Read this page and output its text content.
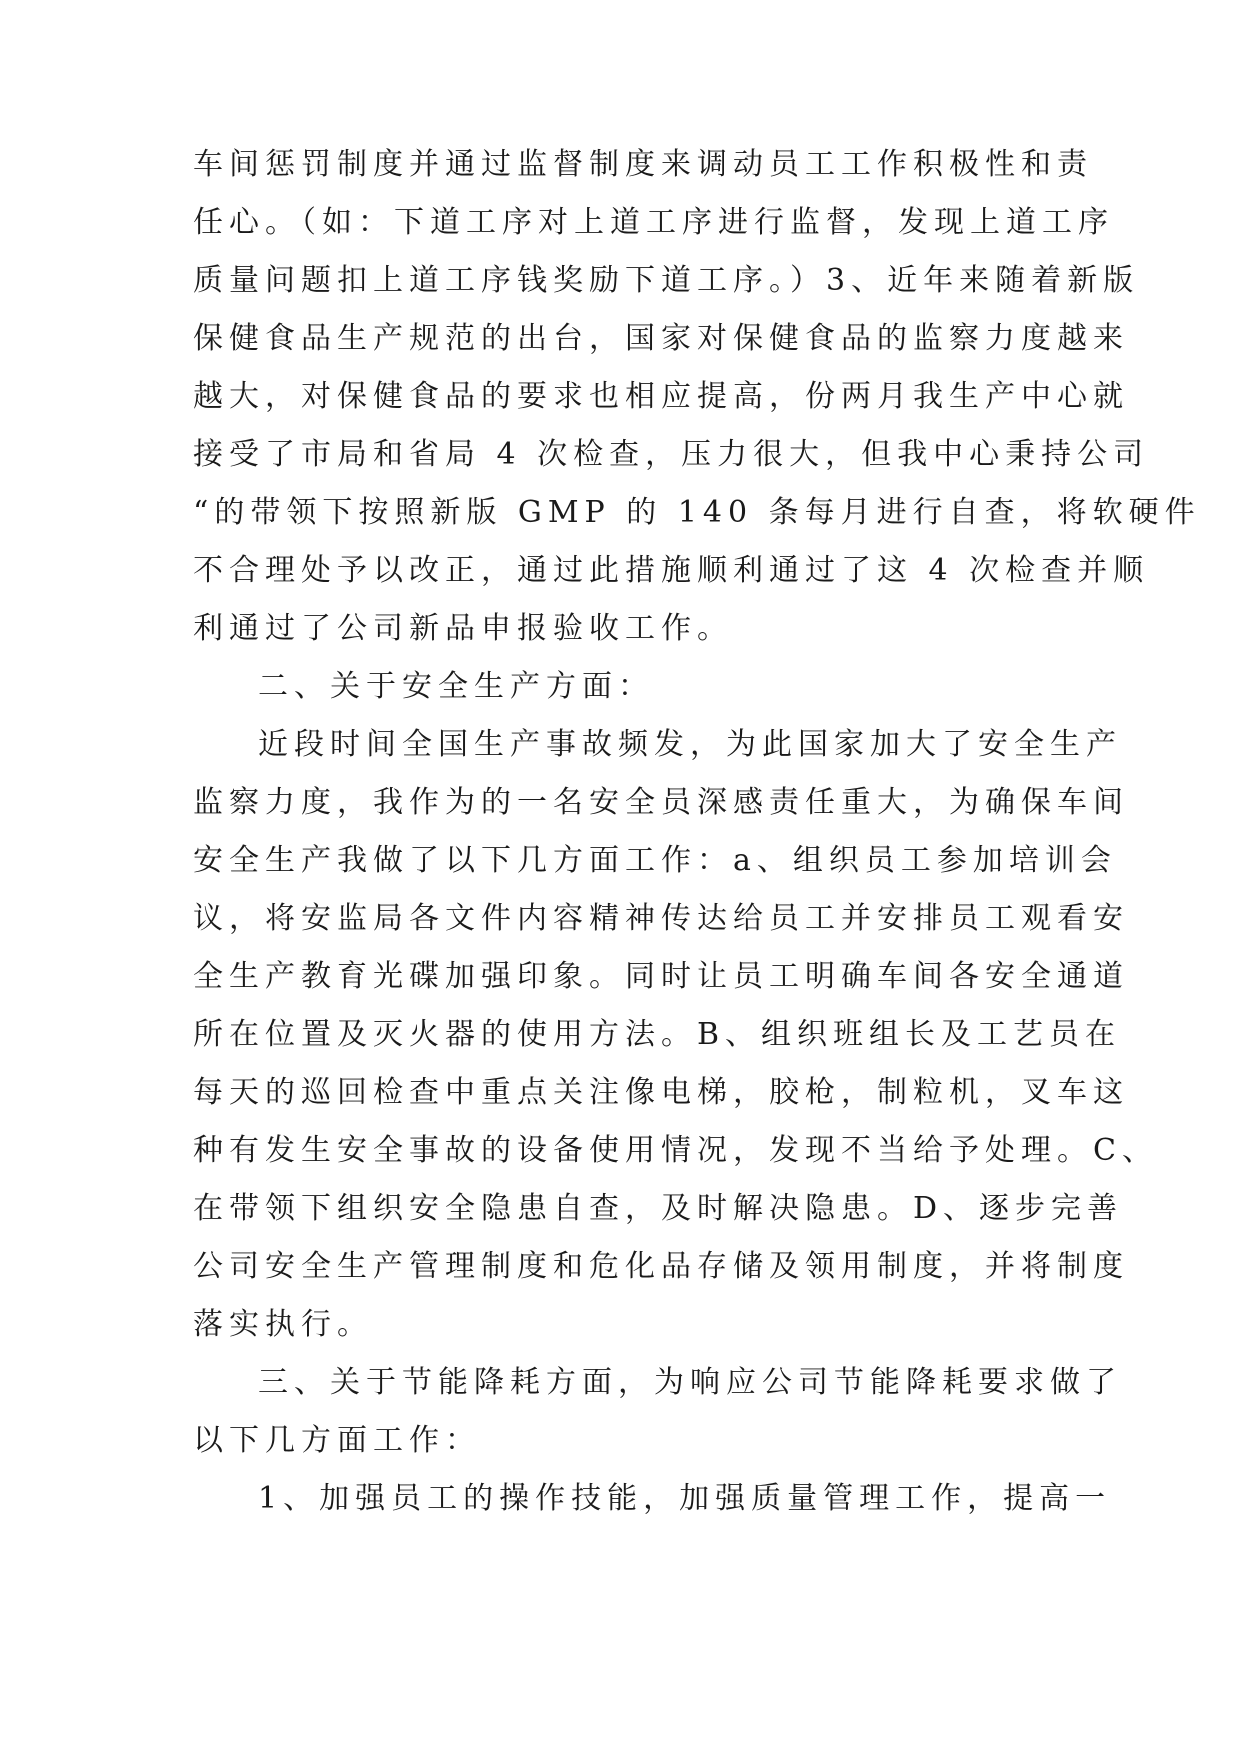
车间惩罚制度并通过监督制度来调动员工工作积极性和责
任心。（如：下道工序对上道工序进行监督，发现上道工序
质量问题扣上道工序钱奖励下道工序。）3、近年来随着新版
保健食品生产规范的出台，国家对保健食品的监察力度越来
越大，对保健食品的要求也相应提高，份两月我生产中心就
接受了市局和省局 4 次检查，压力很大，但我中心秉持公司
“的带领下按照新版 GMP 的 140 条每月进行自查，将软硬件
不合理处予以改正，通过此措施顺利通过了这 4 次检查并顺
利通过了公司新品申报验收工作。
二、关于安全生产方面：
近段时间全国生产事故频发，为此国家加大了安全生产
监察力度，我作为的一名安全员深感责任重大，为确保车间
安全生产我做了以下几方面工作：a、组织员工参加培训会
议，将安监局各文件内容精神传达给员工并安排员工观看安
全生产教育光碟加强印象。同时让员工明确车间各安全通道
所在位置及灭火器的使用方法。B、组织班组长及工艺员在
每天的巡回检查中重点关注像电梯，胶枪，制粒机，叉车这
种有发生安全事故的设备使用情况，发现不当给予处理。C、
在带领下组织安全隐患自查，及时解决隐患。D、逐步完善
公司安全生产管理制度和危化品存储及领用制度，并将制度
落实执行。
三、关于节能降耗方面，为响应公司节能降耗要求做了
以下几方面工作：
1、加强员工的操作技能，加强质量管理工作，提高一
